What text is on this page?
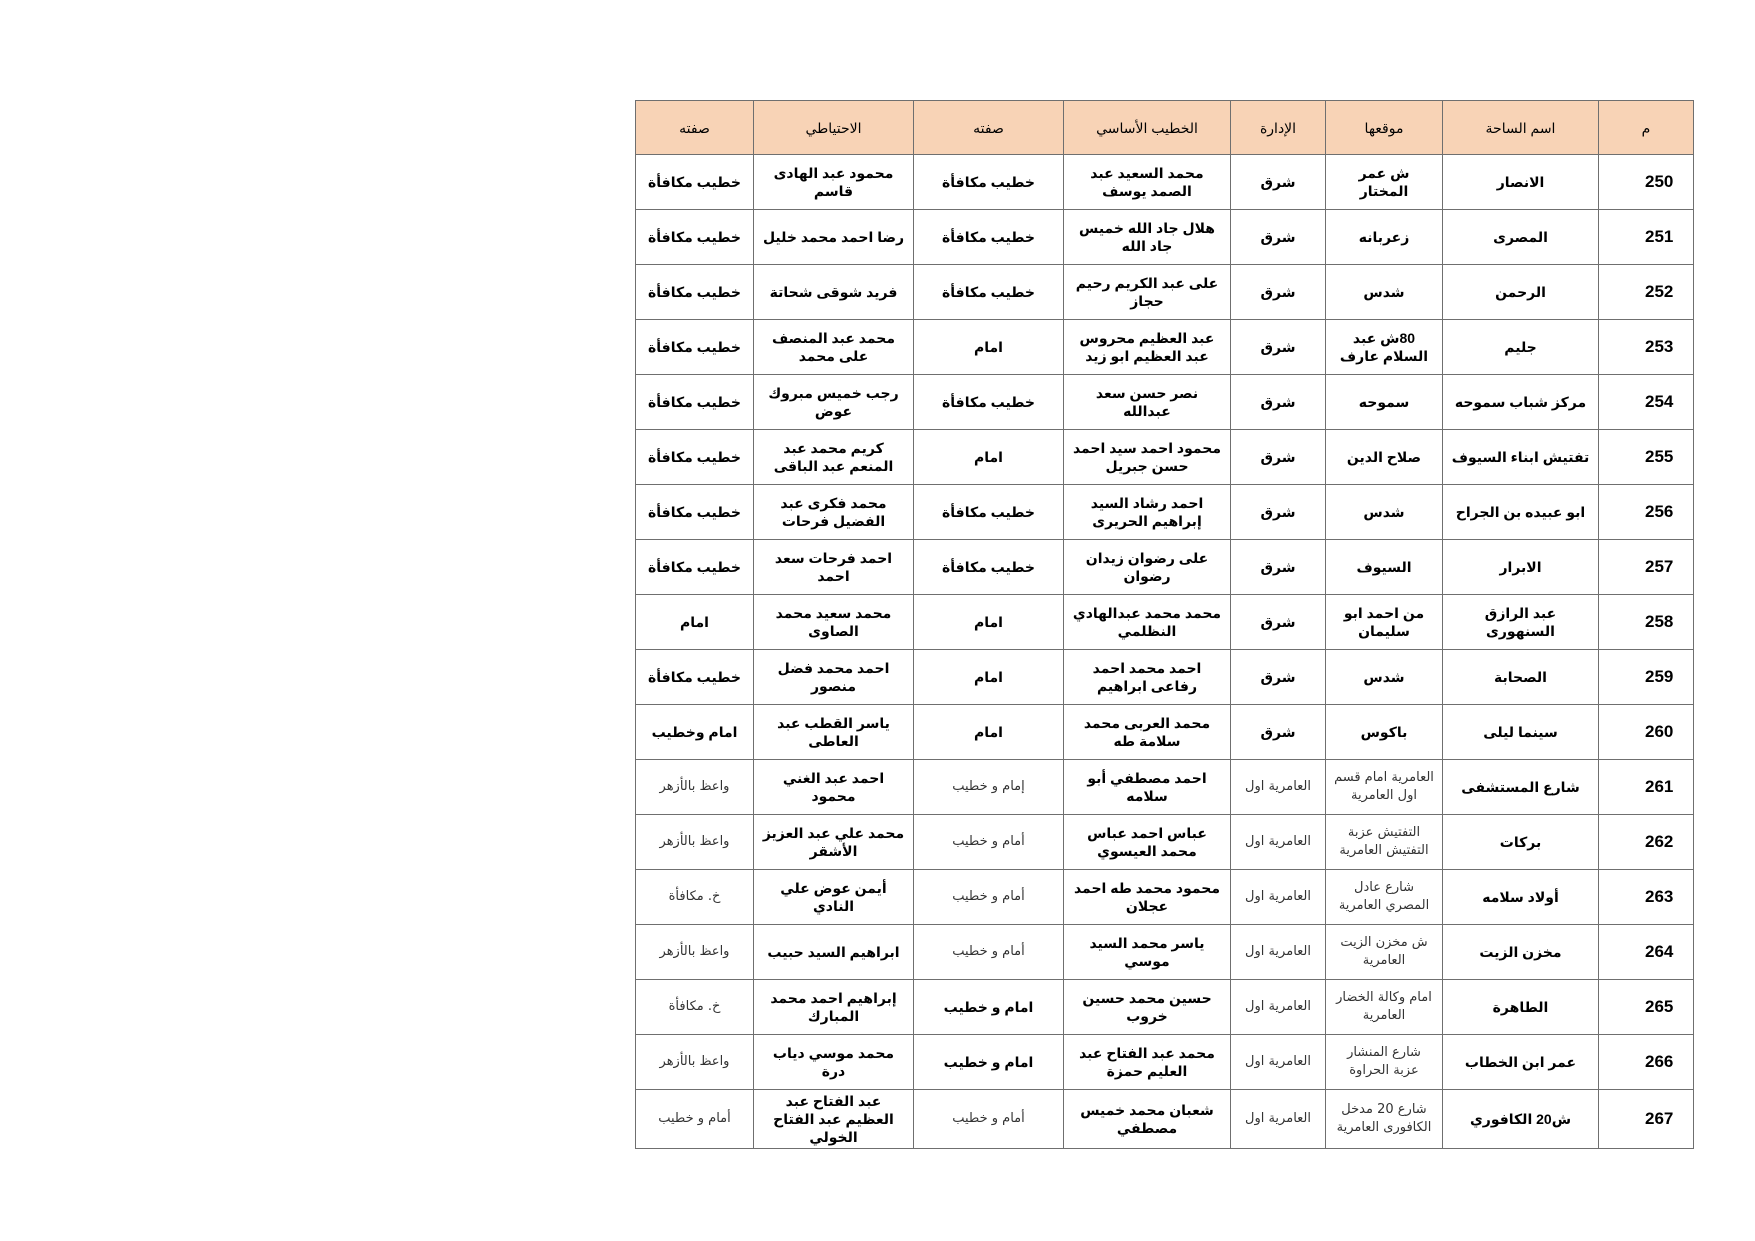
م	اسم الساحة	موقعها	الإدارة	الخطيب الأساسي	صفته	الاحتياطي	صفته
250	الانصار	ش عمر المختار	شرق	محمد السعيد عبد الصمد يوسف	خطيب مكافأة	محمود عبد الهادى قاسم	خطيب مكافأة
251	المصرى	زعربانه	شرق	هلال جاد الله خميس جاد الله	خطيب مكافأة	رضا احمد محمد خليل	خطيب مكافأة
252	الرحمن	شدس	شرق	على عبد الكريم رحيم حجاز	خطيب مكافأة	فريد شوقى شحاتة	خطيب مكافأة
253	جليم	80ش عبد السلام عارف	شرق	عبد العظيم محروس عبد العظيم ابو زيد	امام	محمد عبد المنصف على محمد	خطيب مكافأة
254	مركز شباب سموحه	سموحه	شرق	نصر حسن سعد عبدالله	خطيب مكافأة	رجب خميس مبروك عوض	خطيب مكافأة
255	تفتيش ابناء السيوف	صلاح الدين	شرق	محمود احمد سيد احمد حسن جبريل	امام	كريم محمد عبد المنعم عبد الباقى	خطيب مكافأة
256	ابو عبيده بن الجراح	شدس	شرق	احمد رشاد السيد إبراهيم الحريرى	خطيب مكافأة	محمد فكرى عبد الفضيل فرحات	خطيب مكافأة
257	الابرار	السيوف	شرق	على رضوان زيدان رضوان	خطيب مكافأة	احمد فرحات سعد احمد	خطيب مكافأة
258	عبد الرازق السنهورى	من احمد ابو سليمان	شرق	محمد محمد عبدالهادي النظلمي	امام	محمد سعيد محمد الصاوى	امام
259	الصحابة	شدس	شرق	احمد محمد احمد رفاعى ابراهيم	امام	احمد محمد فضل منصور	خطيب مكافأة
260	سينما ليلى	باكوس	شرق	محمد العربى محمد سلامة طه	امام	ياسر القطب عبد العاطى	امام وخطيب
261	شارع المستشفى	العامرية امام قسم اول العامرية	العامرية اول	احمد مصطفي أبو سلامه	إمام و خطيب	احمد عبد الغني محمود	واعظ بالأزهر
262	بركات	التفتيش عزبة التفتيش العامرية	العامرية اول	عباس احمد عباس محمد العيسوي	أمام و خطيب	محمد علي عبد العزيز الأشقر	واعظ بالأزهر
263	أولاد سلامه	شارع عادل المصري العامرية	العامرية اول	محمود محمد طه احمد عجلان	أمام و خطيب	أيمن عوض علي النادي	خ. مكافأة
264	مخزن الزيت	ش مخزن الزيت العامرية	العامرية اول	ياسر محمد السيد موسي	أمام و خطيب	ابراهيم السيد حبيب	واعظ بالأزهر
265	الطاهرة	امام وكالة الخضار العامرية	العامرية اول	حسين محمد حسين خروب	امام و خطيب	إبراهيم احمد محمد المبارك	خ. مكافأة
266	عمر ابن الخطاب	شارع المنشار عزبة الحراوة	العامرية اول	محمد عبد الفتاح عبد العليم حمزة	امام و خطيب	محمد موسي دياب درة	واعظ بالأزهر
267	ش20 الكافوري	شارع 20 مدخل الكافورى العامرية	العامرية اول	شعبان محمد خميس مصطفي	أمام و خطيب	عبد الفتاح عبد العظيم عبد الفتاح الخولي	أمام و خطيب
